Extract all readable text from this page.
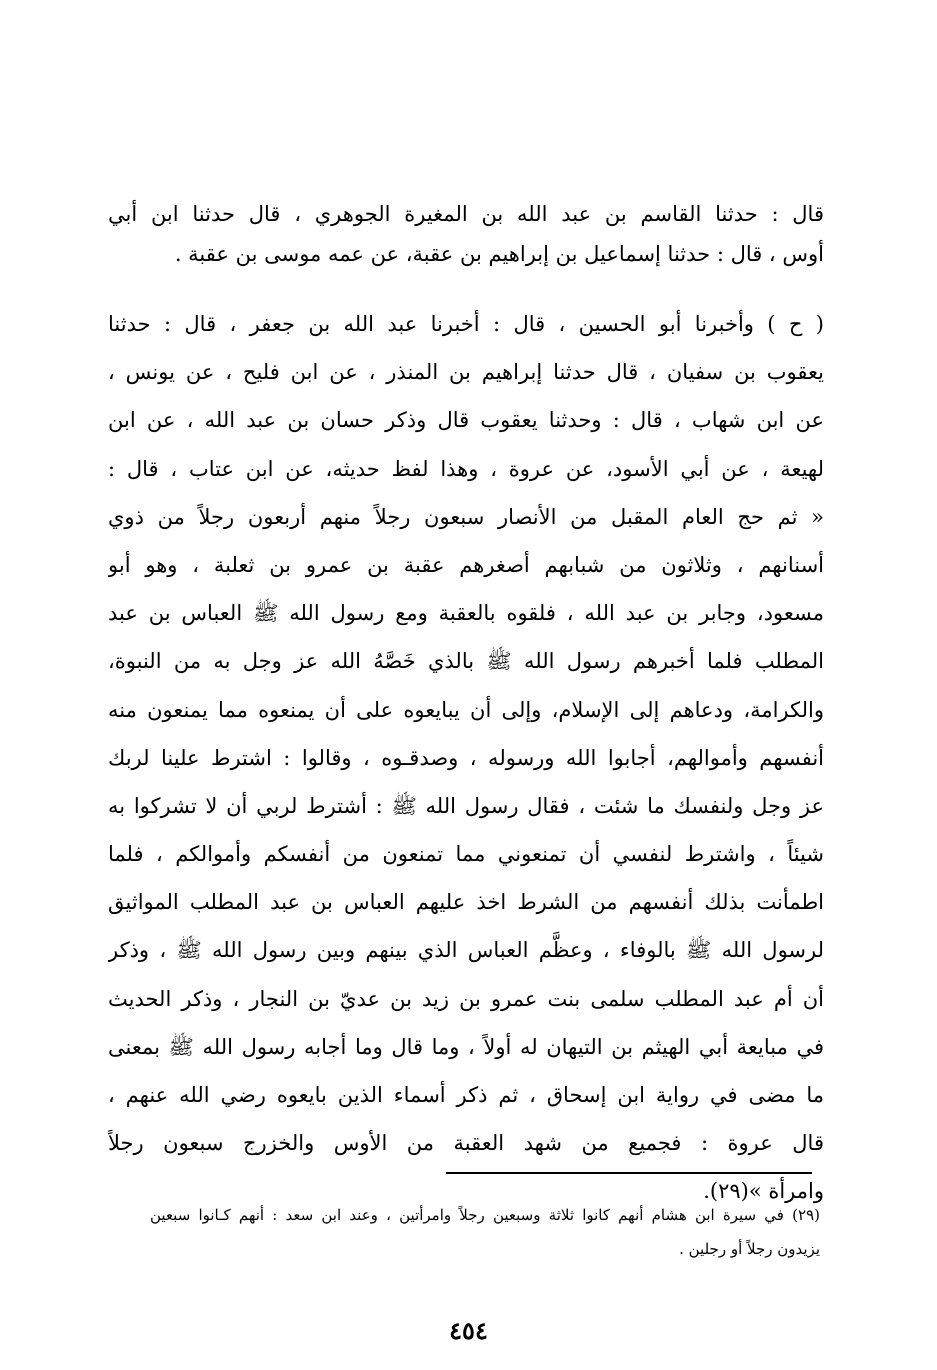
قال : حدثنا القاسم بن عبد الله بن المغيرة الجوهري ، قال حدثنا ابن أبي
أوس ، قال : حدثنا إسماعيل بن إبراهيم بن عقبة، عن عمه موسى بن عقبة .
( ح ) وأخبرنا أبو الحسين ، قال : أخبرنا عبد الله بن جعفر ، قال : حدثنا
يعقوب بن سفيان ، قال حدثنا إبراهيم بن المنذر ، عن ابن فليح ، عن يونس ،
عن ابن شهاب ، قال : وحدثنا يعقوب قال وذكر حسان بن عبد الله ، عن ابن
لهيعة ، عن أبي الأسود، عن عروة ، وهذا لفظ حديثه، عن ابن عتاب ، قال :
« ثم حج العام المقبل من الأنصار سبعون رجلاً منهم أربعون رجلاً من ذوي
أسنانهم ، وثلاثون من شبابهم أصغرهم عقبة بن عمرو بن ثعلبة ، وهو أبو
مسعود، وجابر بن عبد الله ، فلقوه بالعقبة ومع رسول الله ﷺ العباس بن عبد
المطلب فلما أخبرهم رسول الله ﷺ بالذي خَصَّهُ الله عز وجل به من النبوة،
والكرامة، ودعاهم إلى الإسلام، وإلى أن يبايعوه على أن يمنعوه مما يمنعون منه
أنفسهم وأموالهم، أجابوا الله ورسوله ، وصدقـوه ، وقالوا : اشترط علينا لربك
عز وجل ولنفسك ما شئت ، فقال رسول الله ﷺ : أشترط لربي أن لا تشركوا به
شيئاً ، واشترط لنفسي أن تمنعوني مما تمنعون من أنفسكم وأموالكم ، فلما
اطمأنت بذلك أنفسهم من الشرط اخذ عليهم العباس بن عبد المطلب المواثيق
لرسول الله ﷺ بالوفاء ، وعظَّم العباس الذي بينهم وبين رسول الله ﷺ ، وذكر
أن أم عبد المطلب سلمى بنت عمرو بن زيد بن عديّ بن النجار ، وذكر الحديث
في مبايعة أبي الهيثم بن التيهان له أولاً ، وما قال وما أجابه رسول الله ﷺ بمعنى
ما مضى في رواية ابن إسحاق ، ثم ذكر أسماء الذين بايعوه رضي الله عنهم ،
قال عروة : فجميع من شهد العقبة من الأوس والخزرج سبعون رجلاً
وامرأة »(٢٩).
(٢٩) في سيرة ابن هشام أنهم كانوا ثلاثة وسبعين رجلاً وامرأتين ، وعند ابن سعد : أنهم كـانوا سبعين
يزيدون رجلاً أو رجلين .
٤٥٤
